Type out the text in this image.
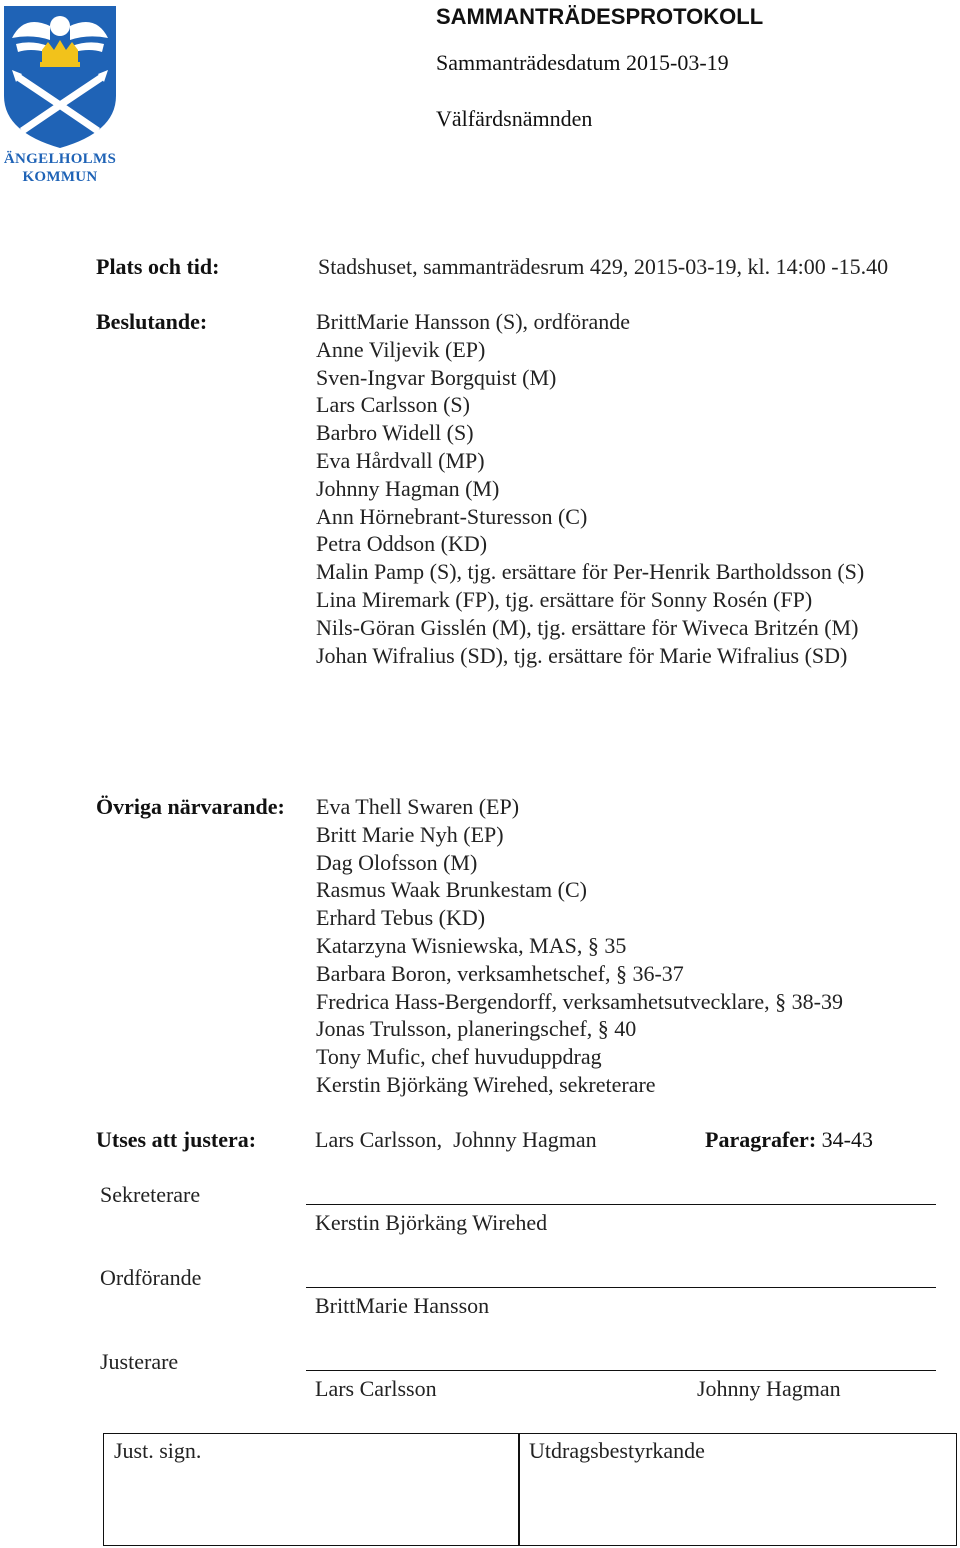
ÄNGELHOLMS
KOMMUN
SAMMANTRÄDESPROTOKOLL
Sammanträdesdatum 2015-03-19
Välfärdsnämnden
Plats och tid:	Stadshuset, sammanträdesrum 429, 2015-03-19, kl. 14:00 -15.40
Beslutande:	BrittMarie Hansson (S), ordförande
Anne Viljevik (EP)
Sven-Ingvar Borgquist (M)
Lars Carlsson (S)
Barbro Widell (S)
Eva Hårdvall (MP)
Johnny Hagman (M)
Ann Hörnebrant-Sturesson (C)
Petra Oddson (KD)
Malin Pamp (S), tjg. ersättare för Per-Henrik Bartholdsson (S)
Lina Miremark (FP), tjg. ersättare för Sonny Rosén (FP)
Nils-Göran Gisslén (M), tjg. ersättare för Wiveca Britzén (M)
Johan Wifralius (SD), tjg. ersättare för Marie Wifralius (SD)
Övriga närvarande: Eva Thell Swaren (EP)
Britt Marie Nyh (EP)
Dag Olofsson (M)
Rasmus Waak Brunkestam (C)
Erhard Tebus (KD)
Katarzyna Wisniewska, MAS, § 35
Barbara Boron, verksamhetschef, § 36-37
Fredrica Hass-Bergendorff, verksamhetsutvecklare, § 38-39
Jonas Trulsson, planeringschef, § 40
Tony Mufic, chef huvuduppdrag
Kerstin Björkäng Wirehed, sekreterare
Utses att justera:	Lars Carlsson,  Johnny Hagman	Paragrafer: 34-43
Sekreterare
Kerstin Björkäng Wirehed
Ordförande
BrittMarie Hansson
Justerare
Lars Carlsson	Johnny Hagman
Just. sign.	Utdragsbestyrkande
